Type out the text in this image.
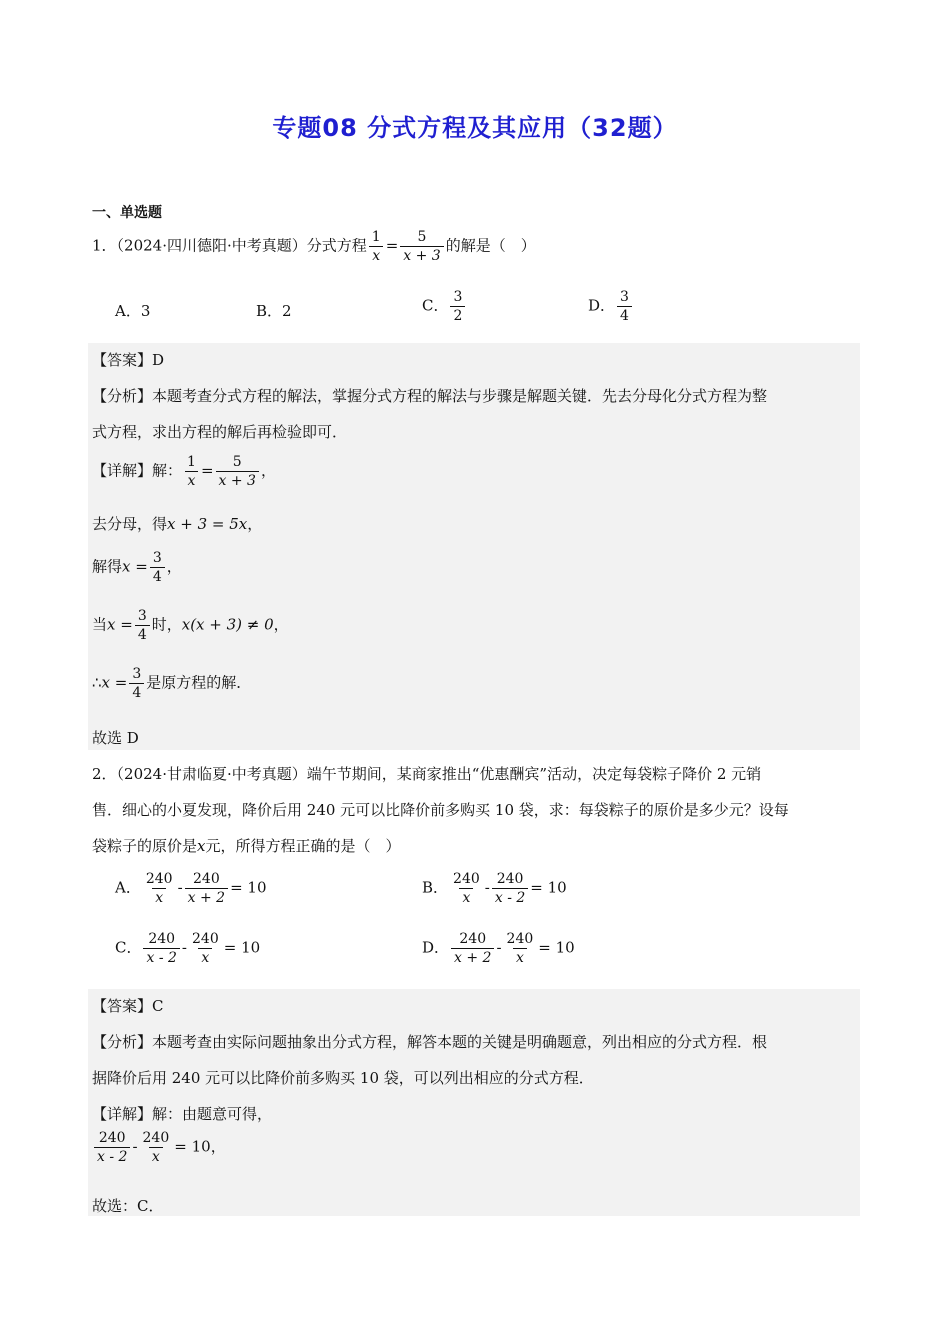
专题08 分式方程及其应用（32题）
一、单选题
1．（2024·四川德阳·中考真题）分式方程 $\frac{1}{x} = \frac{5}{x + 3}$ 的解是（　）
A．3	B．2	C． $\frac{3}{2}$	D． $\frac{3}{4}$
【答案】D
【分析】本题考查分式方程的解法，掌握分式方程的解法与步骤是解题关键．先去分母化分式方程为整
式方程，求出方程的解后再检验即可．
【详解】解： $\frac{1}{x} = \frac{5}{x + 3}$ ，
去分母，得x + 3 = 5x，
解得$x = \frac{3}{4}$ ，
当$x = \frac{3}{4}$ 时，x(x + 3) ≠ 0，
∴x = $\frac{3}{4}$ 是原方程的解．
故选 D
2．（2024·甘肃临夏·中考真题）端午节期间，某商家推出“优惠酬宾”活动，决定每袋粽子降价 2 元销
售．细心的小夏发现，降价后用 240 元可以比降价前多购买 10 袋，求：每袋粽子的原价是多少元？设每
袋粽子的原价是x元，所得方程正确的是（　）
A． $\frac{240}{x} - \frac{240}{x + 2} = 10$	B． $\frac{240}{x} - \frac{240}{x - 2} = 10$
C． $\frac{240}{x - 2} - \frac{240}{x} = 10$	D． $\frac{240}{x + 2} - \frac{240}{x} = 10$
【答案】C
【分析】本题考查由实际问题抽象出分式方程，解答本题的关键是明确题意，列出相应的分式方程．根
据降价后用 240 元可以比降价前多购买 10 袋，可以列出相应的分式方程．
【详解】解：由题意可得，
$\frac{240}{x - 2} - \frac{240}{x} = 10$，
故选：C．
